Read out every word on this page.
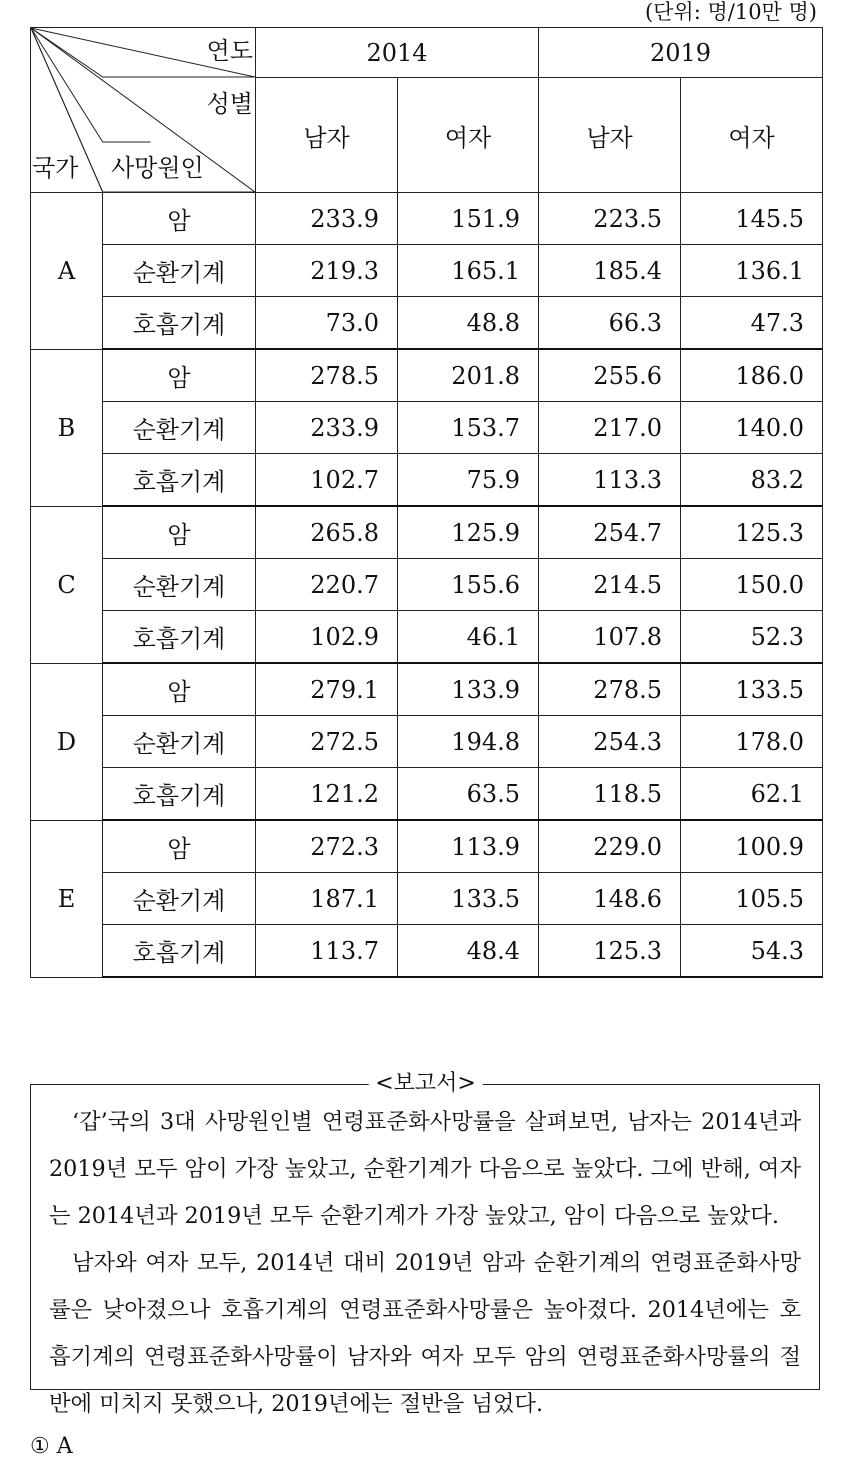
(단위: 명/10만 명)
연도
성별
국가 사망원인		2014		2019	
		남자	여자	남자	여자
A	암	233.9	151.9	223.5	145.5
	순환기계	219.3	165.1	185.4	136.1
	호흡기계	73.0	48.8	66.3	47.3
B	암	278.5	201.8	255.6	186.0
	순환기계	233.9	153.7	217.0	140.0
	호흡기계	102.7	75.9	113.3	83.2
C	암	265.8	125.9	254.7	125.3
	순환기계	220.7	155.6	214.5	150.0
	호흡기계	102.9	46.1	107.8	52.3
D	암	279.1	133.9	278.5	133.5
	순환기계	272.5	194.8	254.3	178.0
	호흡기계	121.2	63.5	118.5	62.1
E	암	272.3	113.9	229.0	100.9
	순환기계	187.1	133.5	148.6	105.5
	호흡기계	113.7	48.4	125.3	54.3

‘갑’국의 3대 사망원인별 연령표준화사망률을 살펴보면, 남자는 2014년과 2019년 모두 암이 가장 높았고, 순환기계가 다음으로 높았다. 그에 반해, 여자는 2014년과 2019년 모두 순환기계가 가장 높았고, 암이 다음으로 높았다.

남자와 여자 모두, 2014년 대비 2019년 암과 순환기계의 연령표준화사망률은 낮아졌으나 호흡기계의 연령표준화사망률은 높아졌다. 2014년에는 호흡기계의 연령표준화사망률이 남자와 여자 모두 암의 연령표준화사망률의 절반에 미치지 못했으나, 2019년에는 절반을 넘었다.

<보고서>
① A
